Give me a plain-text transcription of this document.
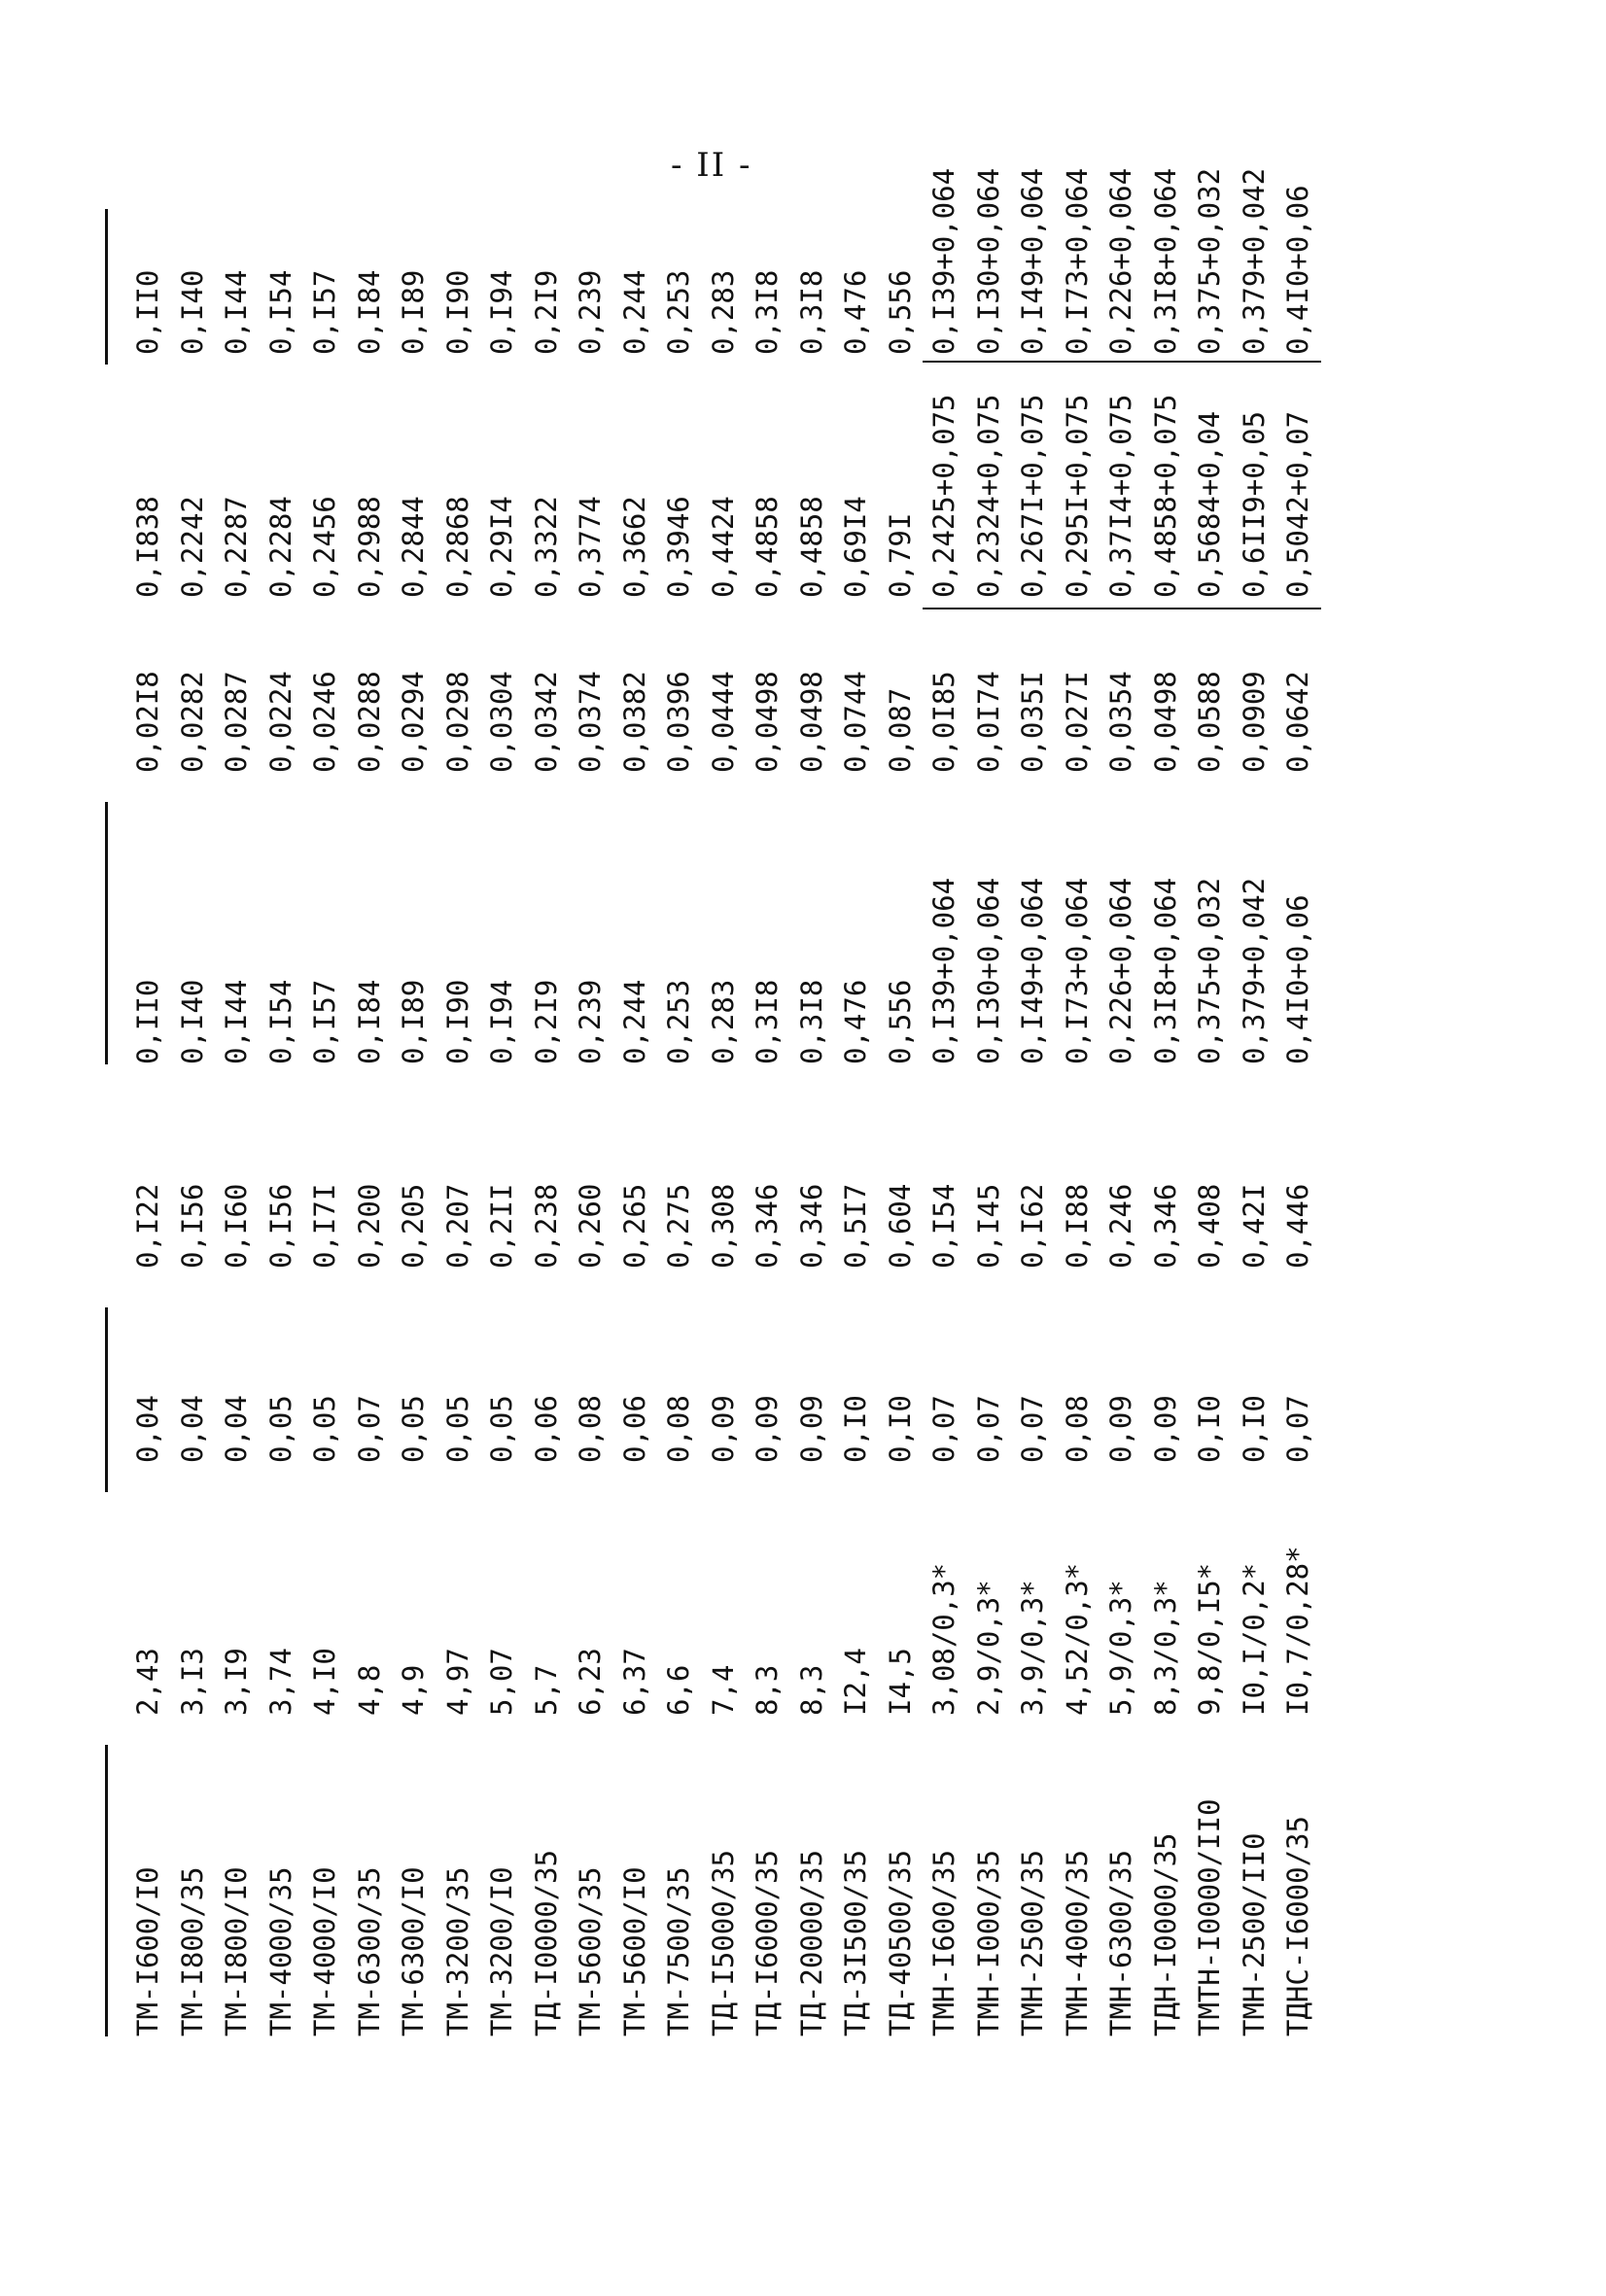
- II -
ТМ-I600/I0
2,43
0,04
0,I22
0,II0
0,02I8
0,I838
0,II0
ТМ-I800/35
3,I3
0,04
0,I56
0,I40
0,0282
0,2242
0,I40
ТМ-I800/I0
3,I9
0,04
0,I60
0,I44
0,0287
0,2287
0,I44
ТМ-4000/35
3,74
0,05
0,I56
0,I54
0,0224
0,2284
0,I54
ТМ-4000/I0
4,I0
0,05
0,I7I
0,I57
0,0246
0,2456
0,I57
ТМ-6300/35
4,8
0,07
0,200
0,I84
0,0288
0,2988
0,I84
ТМ-6300/I0
4,9
0,05
0,205
0,I89
0,0294
0,2844
0,I89
ТМ-3200/35
4,97
0,05
0,207
0,I90
0,0298
0,2868
0,I90
ТМ-3200/I0
5,07
0,05
0,2II
0,I94
0,0304
0,29I4
0,I94
ТД-I0000/35
5,7
0,06
0,238
0,2I9
0,0342
0,3322
0,2I9
ТМ-5600/35
6,23
0,08
0,260
0,239
0,0374
0,3774
0,239
ТМ-5600/I0
6,37
0,06
0,265
0,244
0,0382
0,3662
0,244
ТМ-7500/35
6,6
0,08
0,275
0,253
0,0396
0,3946
0,253
ТД-I5000/35
7,4
0,09
0,308
0,283
0,0444
0,4424
0,283
ТД-I6000/35
8,3
0,09
0,346
0,3I8
0,0498
0,4858
0,3I8
ТД-20000/35
8,3
0,09
0,346
0,3I8
0,0498
0,4858
0,3I8
ТД-3I500/35
I2,4
0,I0
0,5I7
0,476
0,0744
0,69I4
0,476
ТД-40500/35
I4,5
0,I0
0,604
0,556
0,087
0,79I
0,556
ТМН-I600/35
3,08/0,3*
0,07
0,I54
0,I39+0,064
0,0I85
0,2425+0,075
0,I39+0,064
ТМН-I000/35
2,9/0,3*
0,07
0,I45
0,I30+0,064
0,0I74
0,2324+0,075
0,I30+0,064
ТМН-2500/35
3,9/0,3*
0,07
0,I62
0,I49+0,064
0,035I
0,267I+0,075
0,I49+0,064
ТМН-4000/35
4,52/0,3*
0,08
0,I88
0,I73+0,064
0,027I
0,295I+0,075
0,I73+0,064
ТМН-6300/35
5,9/0,3*
0,09
0,246
0,226+0,064
0,0354
0,37I4+0,075
0,226+0,064
ТДН-I0000/35
8,3/0,3*
0,09
0,346
0,3I8+0,064
0,0498
0,4858+0,075
0,3I8+0,064
ТМТН-I0000/II0
9,8/0,I5*
0,I0
0,408
0,375+0,032
0,0588
0,5684+0,04
0,375+0,032
ТМН-2500/II0
I0,I/0,2*
0,I0
0,42I
0,379+0,042
0,0909
0,6II9+0,05
0,379+0,042
ТДНС-I6000/35
I0,7/0,28*
0,07
0,446
0,4I0+0,06
0,0642
0,5042+0,07
0,4I0+0,06
